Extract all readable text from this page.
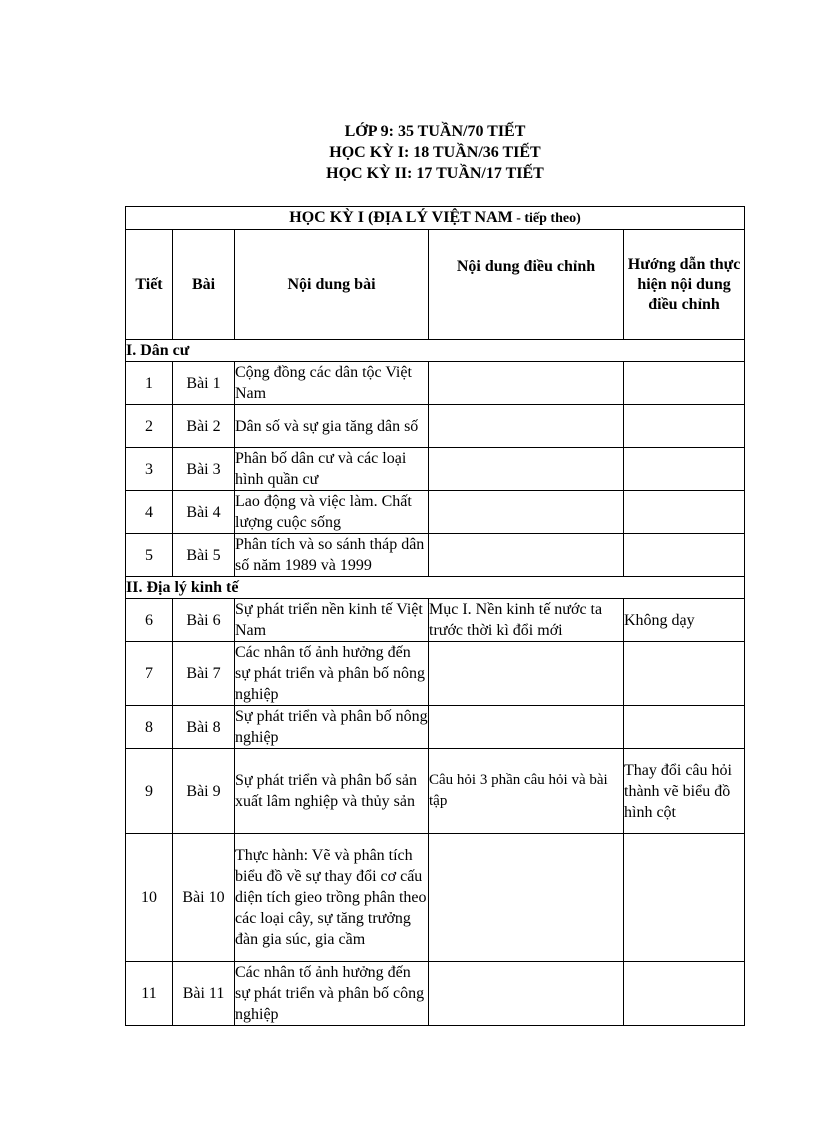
LỚP 9: 35 TUẦN/70 TIẾT
HỌC KỲ I: 18 TUẦN/36 TIẾT
HỌC KỲ II: 17 TUẦN/17 TIẾT
HỌC KỲ I (ĐỊA LÝ VIỆT NAM - tiếp theo)				
Tiết	Bài	Nội dung bài	Nội dung điều chỉnh	Hướng dẫn thực hiện nội dung điều chỉnh
I. Dân cư				
1	Bài 1	Cộng đồng các dân tộc Việt Nam		
2	Bài 2	Dân số và sự gia tăng dân số		
3	Bài 3	Phân bố dân cư và các loại hình quần cư		
4	Bài 4	Lao động và việc làm. Chất lượng cuộc sống		
5	Bài 5	Phân tích và so sánh tháp dân số năm 1989 và 1999		
II. Địa lý kinh tế				
6	Bài 6	Sự phát triển nền kinh tế Việt Nam	Mục I. Nền kinh tế nước ta trước thời kì đổi mới	Không dạy
7	Bài 7	Các nhân tố ảnh hưởng đến sự phát triển và phân bố nông nghiệp		
8	Bài 8	Sự phát triển và phân bố nông nghiệp		
9	Bài 9	Sự phát triển và phân bố sản xuất lâm nghiệp và thủy sản	Câu hỏi 3 phần câu hỏi và bài tập	Thay đổi câu hỏi thành vẽ biểu đồ hình cột
10	Bài 10	Thực hành: Vẽ và phân tích biểu đồ về sự thay đổi cơ cấu diện tích gieo trồng phân theo các loại cây, sự tăng trưởng đàn gia súc, gia cầm		
11	Bài 11	Các nhân tố ảnh hưởng đến sự phát triển và phân bố công nghiệp		
